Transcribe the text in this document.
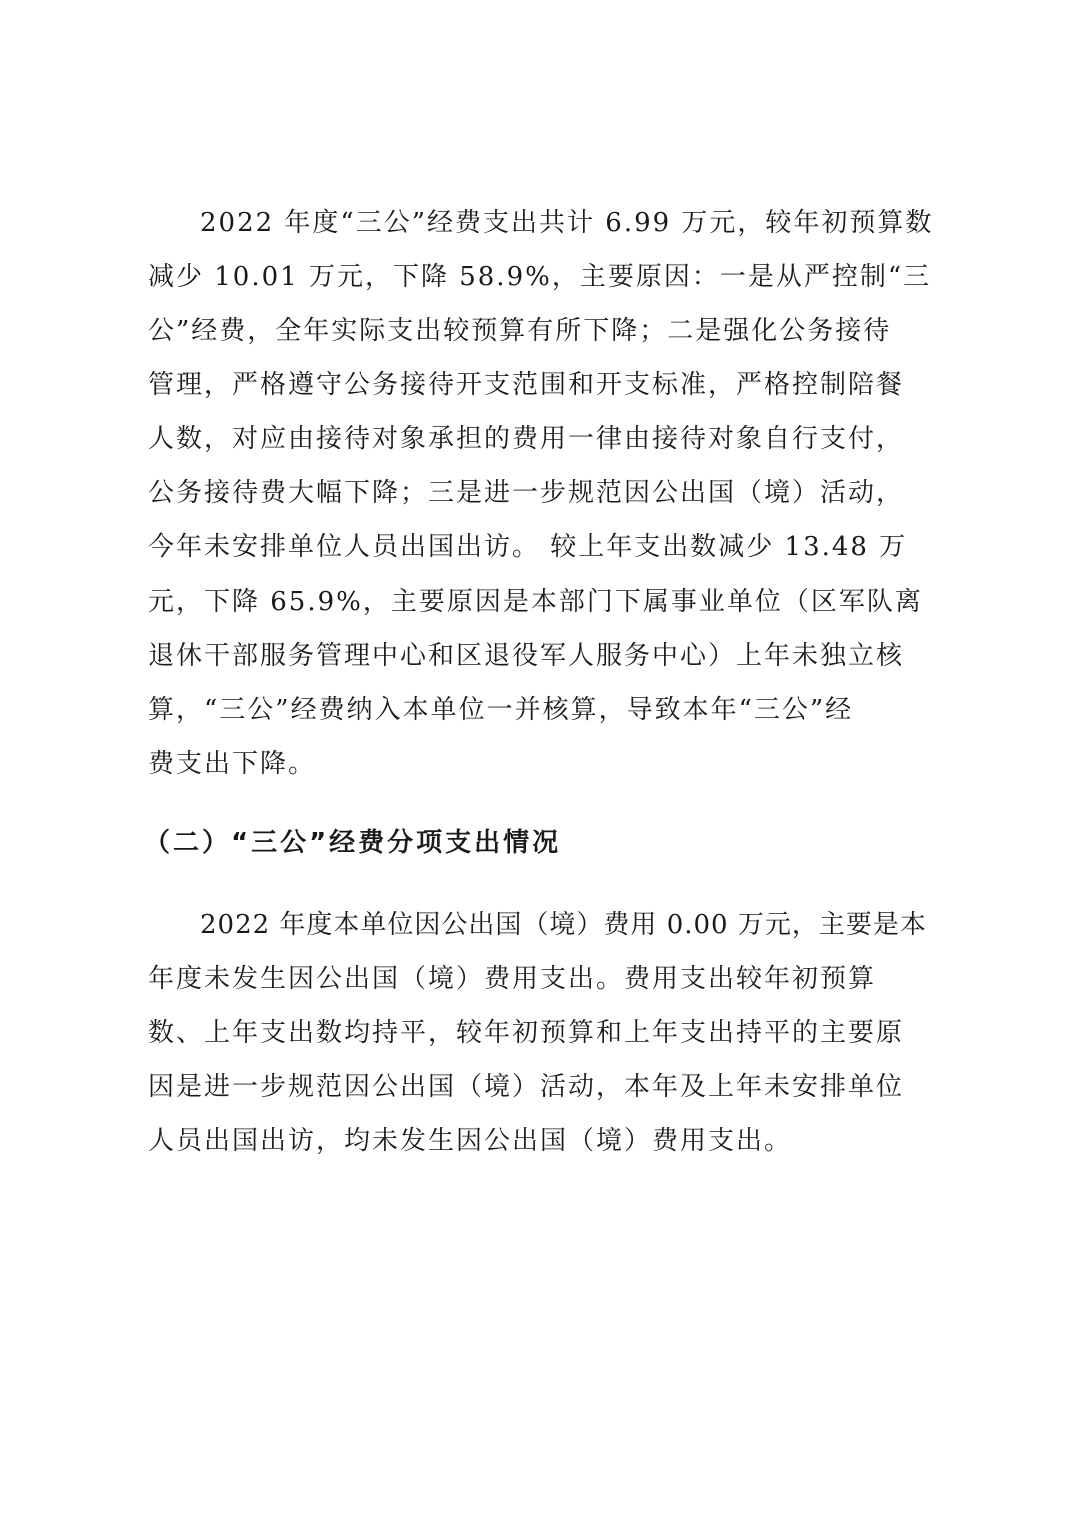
2022 年度“三公”经费支出共计 6.99 万元，较年初预算数
减少 10.01 万元，下降 58.9%，主要原因：一是从严控制“三
公”经费，全年实际支出较预算有所下降；二是强化公务接待
管理，严格遵守公务接待开支范围和开支标准，严格控制陪餐
人数，对应由接待对象承担的费用一律由接待对象自行支付，
公务接待费大幅下降；三是进一步规范因公出国（境）活动，
今年未安排单位人员出国出访。 较上年支出数减少 13.48 万
元，下降 65.9%，主要原因是本部门下属事业单位（区军队离
退休干部服务管理中心和区退役军人服务中心）上年未独立核
算，“三公”经费纳入本单位一并核算，导致本年“三公”经
费支出下降。
（二）“三公”经费分项支出情况
2022 年度本单位因公出国（境）费用 0.00 万元，主要是本
年度未发生因公出国（境）费用支出。费用支出较年初预算
数、上年支出数均持平，较年初预算和上年支出持平的主要原
因是进一步规范因公出国（境）活动，本年及上年未安排单位
人员出国出访，均未发生因公出国（境）费用支出。
